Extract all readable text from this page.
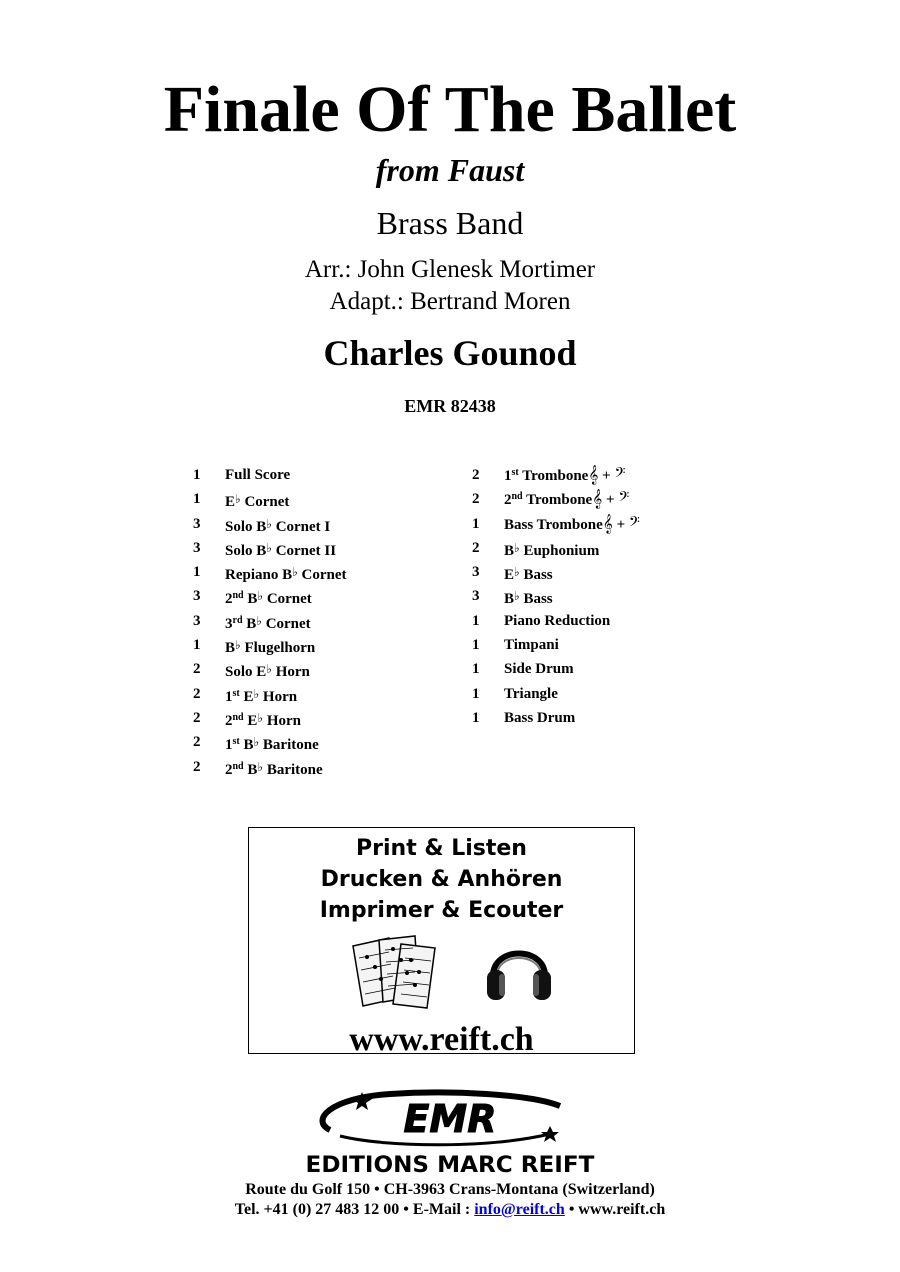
Finale Of The Ballet
from Faust
Brass Band
Arr.: John Glenesk Mortimer
Adapt.: Bertrand Moren
Charles Gounod
EMR 82438
1 Full Score
1 E♭ Cornet
3 Solo B♭ Cornet I
3 Solo B♭ Cornet II
1 Repiano B♭ Cornet
3 2nd B♭ Cornet
3 3rd B♭ Cornet
1 B♭ Flugelhorn
2 Solo E♭ Horn
2 1st E♭ Horn
2 2nd E♭ Horn
2 1st B♭ Baritone
2 2nd B♭ Baritone
2 1st Trombone𝄞 + 𝄢
2 2nd Trombone𝄞 + 𝄢
1 Bass Trombone𝄞 + 𝄢
2 B♭ Euphonium
3 E♭ Bass
3 B♭ Bass
1 Piano Reduction
1 Timpani
1 Side Drum
1 Triangle
1 Bass Drum
Print & Listen
Drucken & Anhören
Imprimer & Ecouter
www.reift.ch
EMR
EDITIONS MARC REIFT
Route du Golf 150 • CH-3963 Crans-Montana (Switzerland)
Tel. +41 (0) 27 483 12 00 • E-Mail : info@reift.ch • www.reift.ch
